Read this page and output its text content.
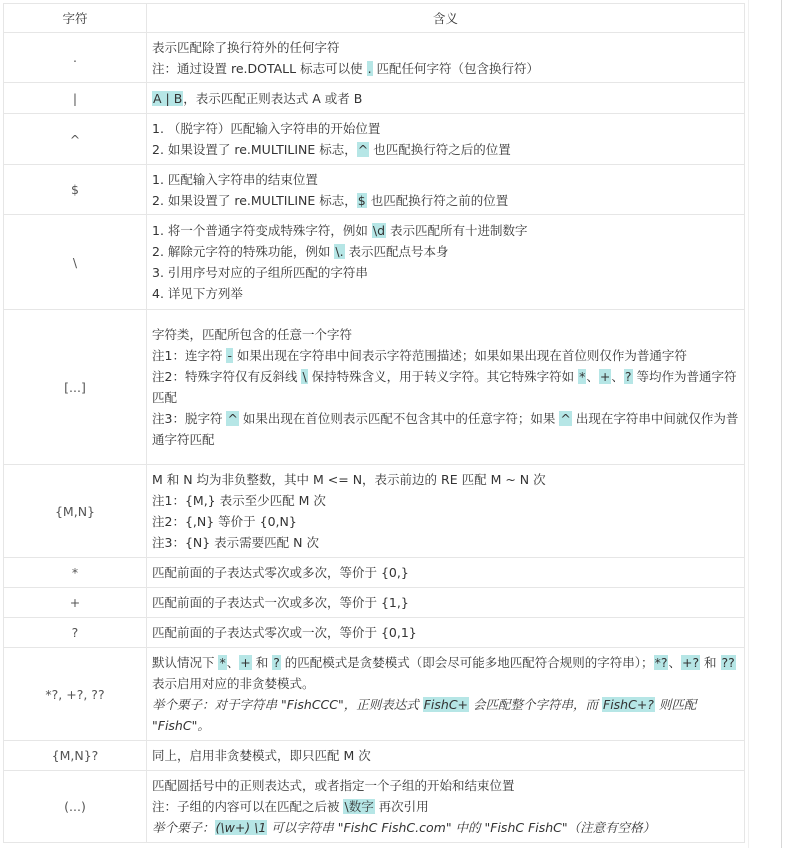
字符	含义
.	表示匹配除了换行符外的任何字符
注：通过设置 re.DOTALL 标志可以使 . 匹配任何字符（包含换行符）

|	A | B，表示匹配正则表达式 A 或者 B

^	1. （脱字符）匹配输入字符串的开始位置
2. 如果设置了 re.MULTILINE 标志，^ 也匹配换行符之后的位置

$	1. 匹配输入字符串的结束位置
2. 如果设置了 re.MULTILINE 标志，$ 也匹配换行符之前的位置

\	1. 将一个普通字符变成特殊字符，例如 \d 表示匹配所有十进制数字
2. 解除元字符的特殊功能，例如 \. 表示匹配点号本身
3. 引用序号对应的子组所匹配的字符串
4. 详见下方列举

[...]	字符类，匹配所包含的任意一个字符
注1：连字符 - 如果出现在字符串中间表示字符范围描述；如果如果出现在首位则仅作为普通字符
注2：特殊字符仅有反斜线 \ 保持特殊含义，用于转义字符。其它特殊字符如 *、+、? 等均作为普通字符匹配
注3：脱字符 ^ 如果出现在首位则表示匹配不包含其中的任意字符；如果 ^ 出现在字符串中间就仅作为普通字符匹配

{M,N}	M 和 N 均为非负整数，其中 M <= N，表示前边的 RE 匹配 M ~ N 次
注1：{M,} 表示至少匹配 M 次
注2：{,N} 等价于 {0,N}
注3：{N} 表示需要匹配 N 次

*	匹配前面的子表达式零次或多次，等价于 {0,}

+	匹配前面的子表达式一次或多次，等价于 {1,}

?	匹配前面的子表达式零次或一次，等价于 {0,1}

*?, +?, ??	默认情况下 *、+ 和 ? 的匹配模式是贪婪模式（即会尽可能多地匹配符合规则的字符串）；*?、+? 和 ?? 表示启用对应的非贪婪模式。
举个栗子：对于字符串 "FishCCC"，正则表达式 FishC+ 会匹配整个字符串，而 FishC+? 则匹配 "FishC"。

{M,N}?	同上，启用非贪婪模式，即只匹配 M 次

(...)	匹配圆括号中的正则表达式，或者指定一个子组的开始和结束位置
注：子组的内容可以在匹配之后被 \数字 再次引用
举个栗子：(\w+) \1 可以字符串 "FishC FishC.com" 中的 "FishC FishC"（注意有空格）
